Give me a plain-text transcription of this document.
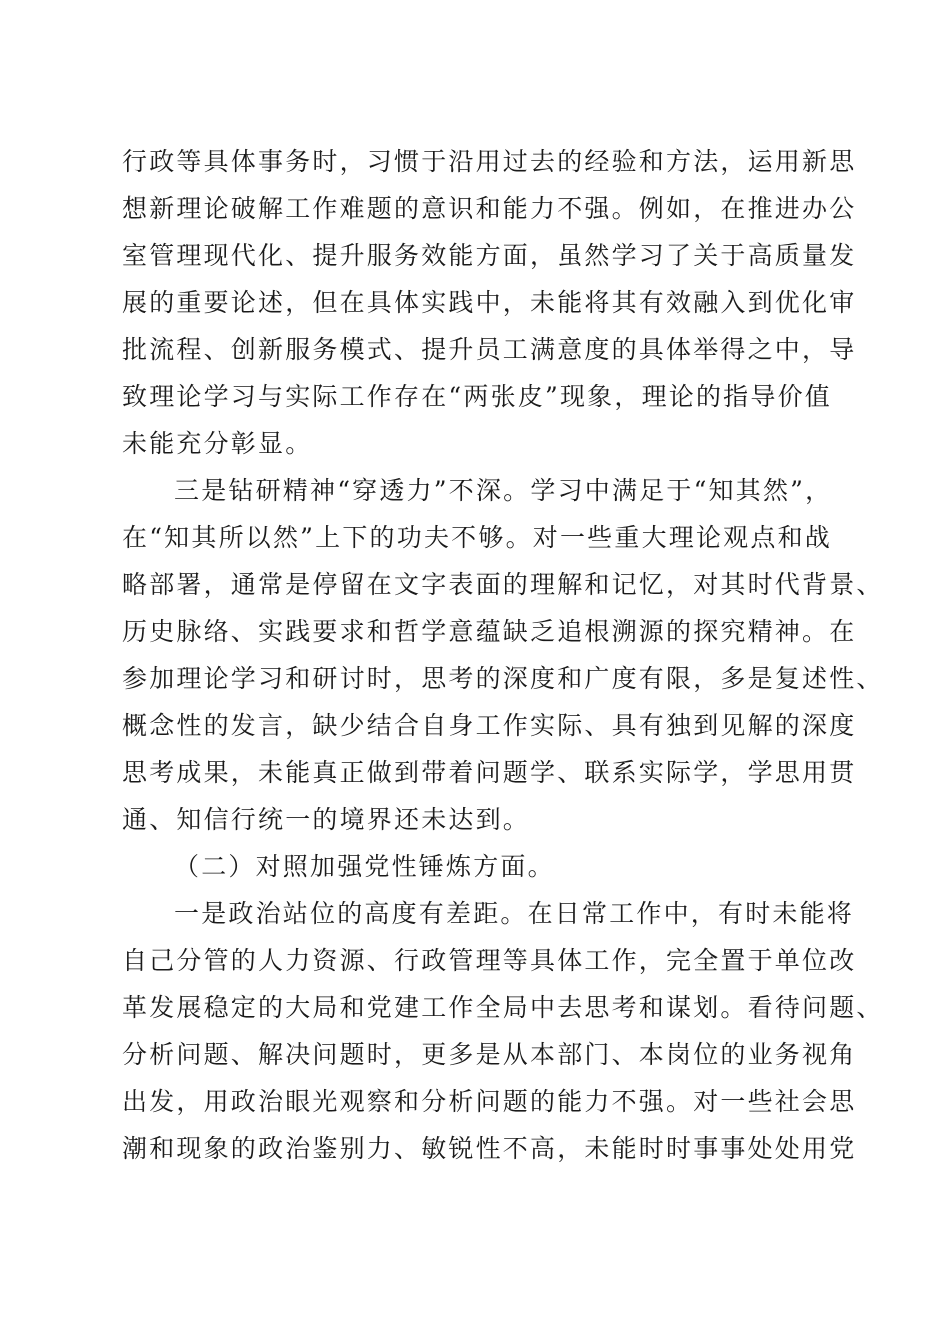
行政等具体事务时，习惯于沿用过去的经验和方法，运用新思
想新理论破解工作难题的意识和能力不强。例如，在推进办公
室管理现代化、提升服务效能方面，虽然学习了关于高质量发
展的重要论述，但在具体实践中，未能将其有效融入到优化审
批流程、创新服务模式、提升员工满意度的具体举得之中，导
致理论学习与实际工作存在“两张皮”现象，理论的指导价值
未能充分彰显。
三是钻研精神“穿透力”不深。学习中满足于“知其然”，
在“知其所以然”上下的功夫不够。对一些重大理论观点和战
略部署，通常是停留在文字表面的理解和记忆，对其时代背景、
历史脉络、实践要求和哲学意蕴缺乏追根溯源的探究精神。在
参加理论学习和研讨时，思考的深度和广度有限，多是复述性、
概念性的发言，缺少结合自身工作实际、具有独到见解的深度
思考成果，未能真正做到带着问题学、联系实际学，学思用贯
通、知信行统一的境界还未达到。
（二）对照加强党性锤炼方面。
一是政治站位的高度有差距。在日常工作中，有时未能将
自己分管的人力资源、行政管理等具体工作，完全置于单位改
革发展稳定的大局和党建工作全局中去思考和谋划。看待问题、
分析问题、解决问题时，更多是从本部门、本岗位的业务视角
出发，用政治眼光观察和分析问题的能力不强。对一些社会思
潮和现象的政治鉴别力、敏锐性不高，未能时时事事处处用党
